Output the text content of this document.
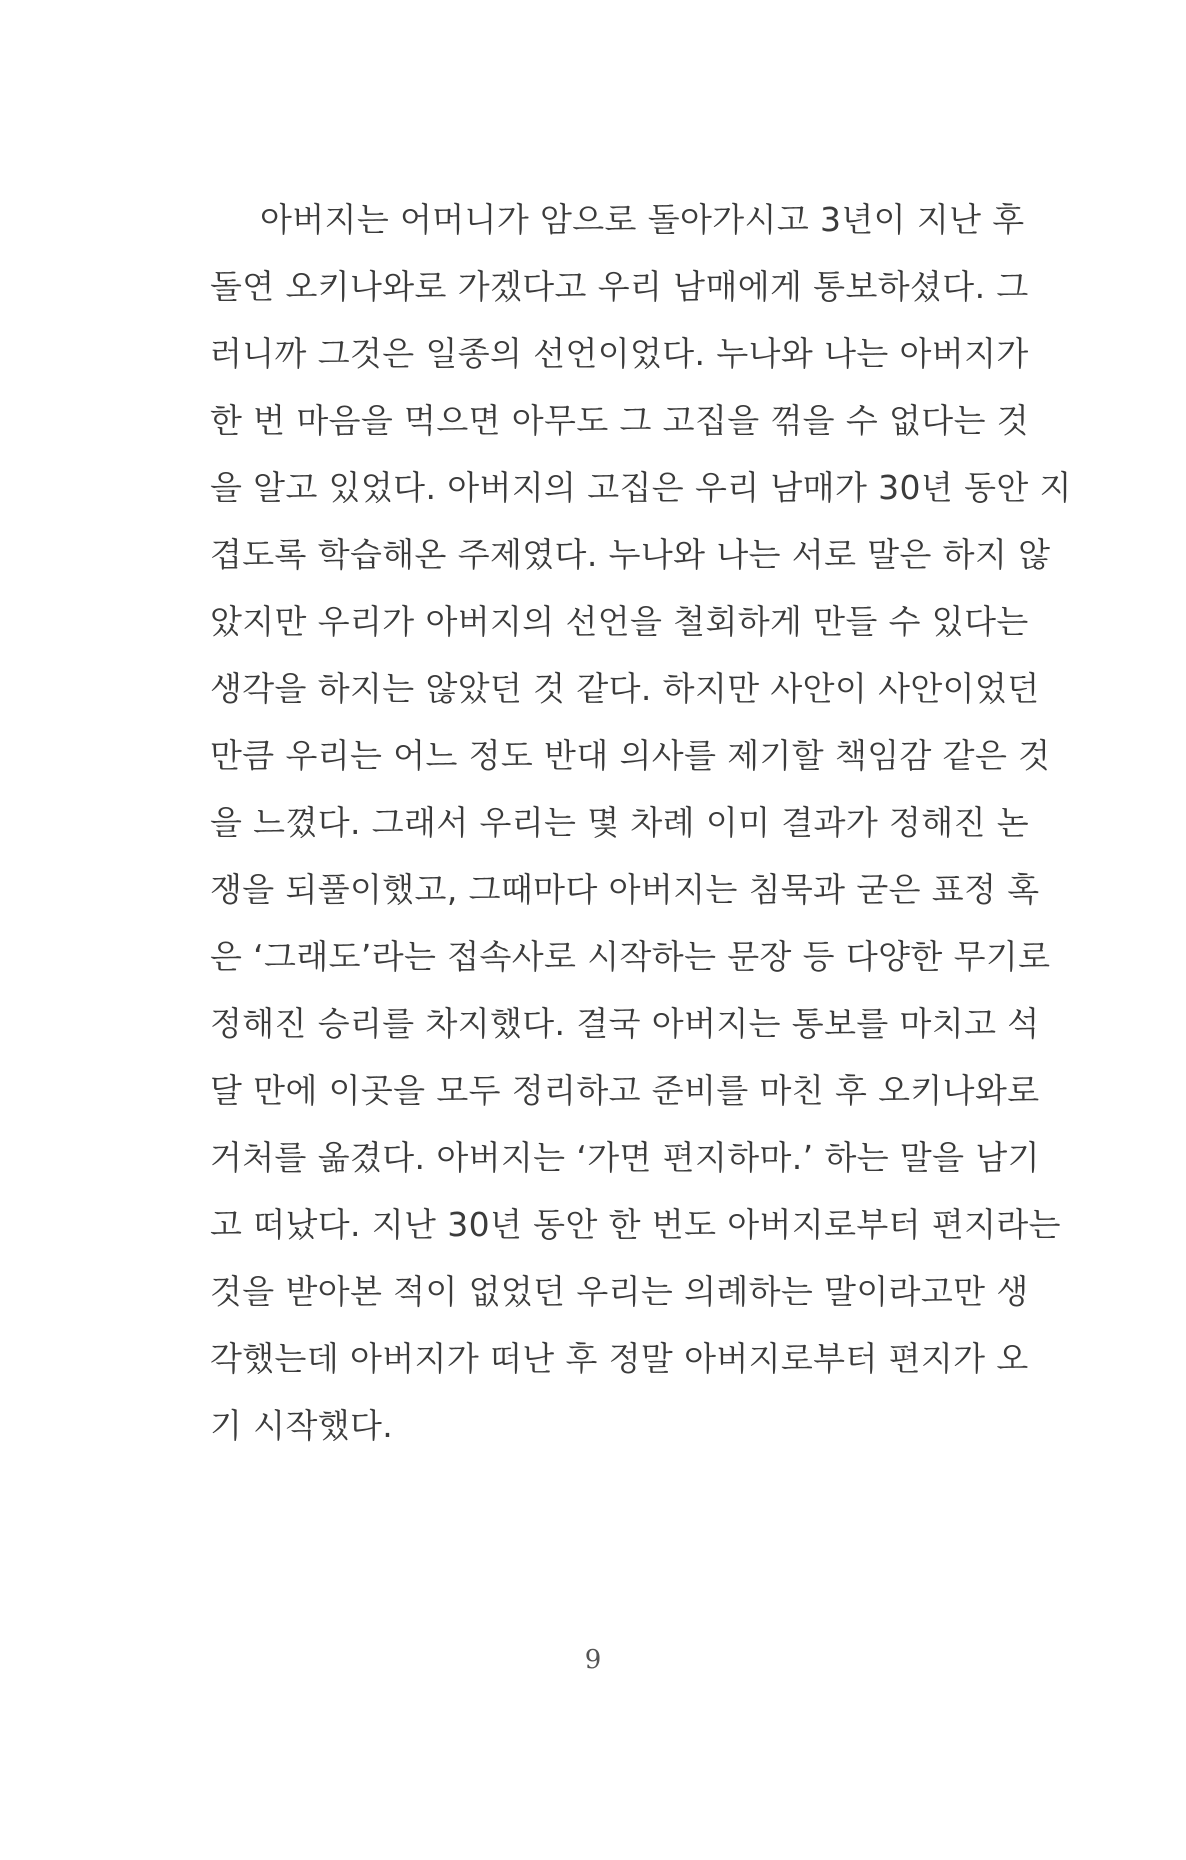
아버지는 어머니가 암으로 돌아가시고 3년이 지난 후
돌연 오키나와로 가겠다고 우리 남매에게 통보하셨다. 그
러니까 그것은 일종의 선언이었다. 누나와 나는 아버지가
한 번 마음을 먹으면 아무도 그 고집을 꺾을 수 없다는 것
을 알고 있었다. 아버지의 고집은 우리 남매가 30년 동안 지
겹도록 학습해온 주제였다. 누나와 나는 서로 말은 하지 않
았지만 우리가 아버지의 선언을 철회하게 만들 수 있다는
생각을 하지는 않았던 것 같다. 하지만 사안이 사안이었던
만큼 우리는 어느 정도 반대 의사를 제기할 책임감 같은 것
을 느꼈다. 그래서 우리는 몇 차례 이미 결과가 정해진 논
쟁을 되풀이했고, 그때마다 아버지는 침묵과 굳은 표정 혹
은 ‘그래도’라는 접속사로 시작하는 문장 등 다양한 무기로
정해진 승리를 차지했다. 결국 아버지는 통보를 마치고 석
달 만에 이곳을 모두 정리하고 준비를 마친 후 오키나와로
거처를 옮겼다. 아버지는 ‘가면 편지하마.’ 하는 말을 남기
고 떠났다. 지난 30년 동안 한 번도 아버지로부터 편지라는
것을 받아본 적이 없었던 우리는 의례하는 말이라고만 생
각했는데 아버지가 떠난 후 정말 아버지로부터 편지가 오
기 시작했다.
9
